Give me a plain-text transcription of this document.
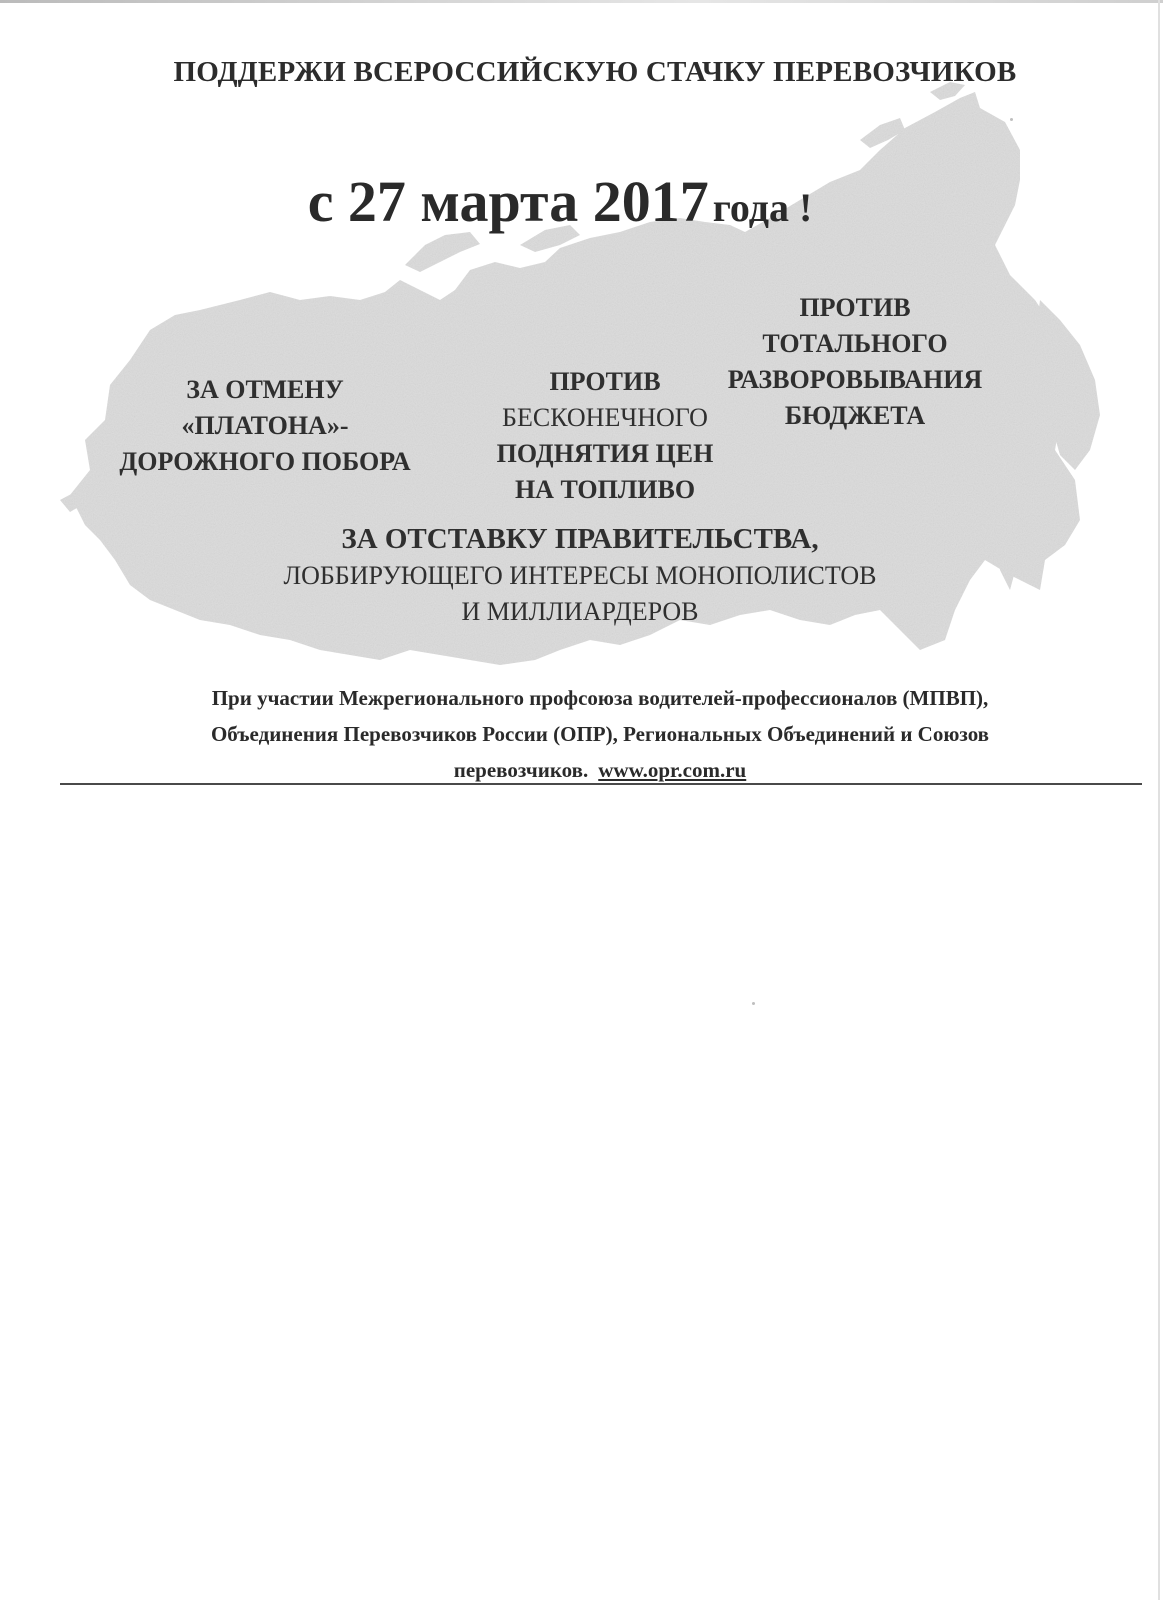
ПОДДЕРЖИ ВСЕРОССИЙСКУЮ СТАЧКУ ПЕРЕВОЗЧИКОВ
с 27 марта 2017 года !
ЗА ОТМЕНУ
«ПЛАТОНА»-
ДОРОЖНОГО ПОБОРА
ПРОТИВ
БЕСКОНЕЧНОГО
ПОДНЯТИЯ ЦЕН
НА ТОПЛИВО
ПРОТИВ
ТОТАЛЬНОГО
РАЗВОРОВЫВАНИЯ
БЮДЖЕТА
ЗА ОТСТАВКУ ПРАВИТЕЛЬСТВА,
ЛОББИРУЮЩЕГО ИНТЕРЕСЫ МОНОПОЛИСТОВ
И МИЛЛИАРДЕРОВ
При участии Межрегионального профсоюза водителей-профессионалов (МПВП),
Объединения Перевозчиков России (ОПР), Региональных Объединений и Союзов
перевозчиков. www.opr.com.ru
